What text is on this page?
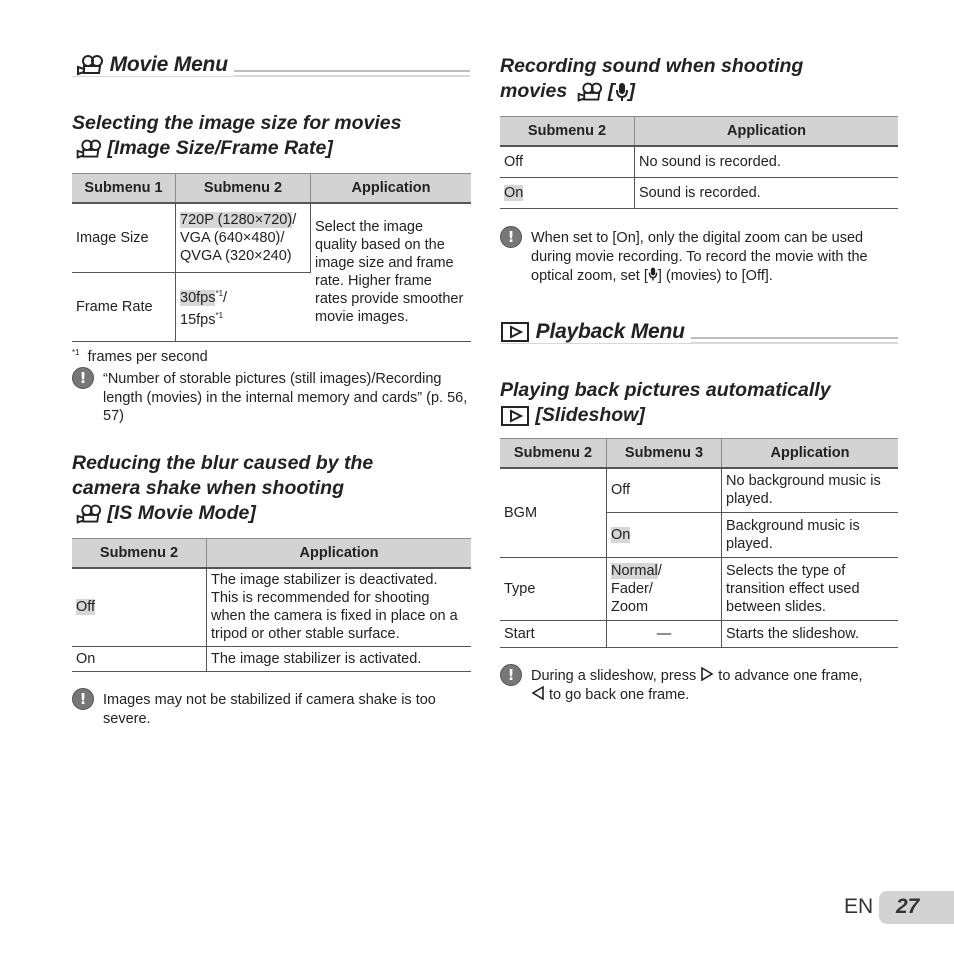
Movie Menu
Selecting the image size for movies
[Image Size/Frame Rate]
Submenu 1	Submenu 2	Application
Image Size	720P (1280×720)/
VGA (640×480)/
QVGA (320×240)	Select the image quality based on the image size and frame rate. Higher frame rates provide smoother movie images.
Frame Rate	30fps$^{*1}$/
15fps$^{*1}$
$^{*1}$ frames per second
!	“Number of storable pictures (still images)/Recording length (movies) in the internal memory and cards” (p. 56, 57)
Reducing the blur caused by the
camera shake when shooting
[IS Movie Mode]
Submenu 2	Application
Off	The image stabilizer is deactivated. This is recommended for shooting when the camera is fixed in place on a tripod or other stable surface.
On	The image stabilizer is activated.
!	Images may not be stabilized if camera shake is too severe.
Recording sound when shooting
movies [ ]
Submenu 2	Application
Off	No sound is recorded.
On	Sound is recorded.
!	When set to [On], only the digital zoom can be used during movie recording. To record the movie with the optical zoom, set [ ] (movies) to [Off].
Playback Menu
Playing back pictures automatically
[Slideshow]
Submenu 2	Submenu 3	Application
BGM	Off	No background music is played.
	On	Background music is played.
Type	Normal/
Fader/
Zoom	Selects the type of transition effect used between slides.
Start	—	Starts the slideshow.
!	During a slideshow, press to advance one frame,
to go back one frame.
EN 27
